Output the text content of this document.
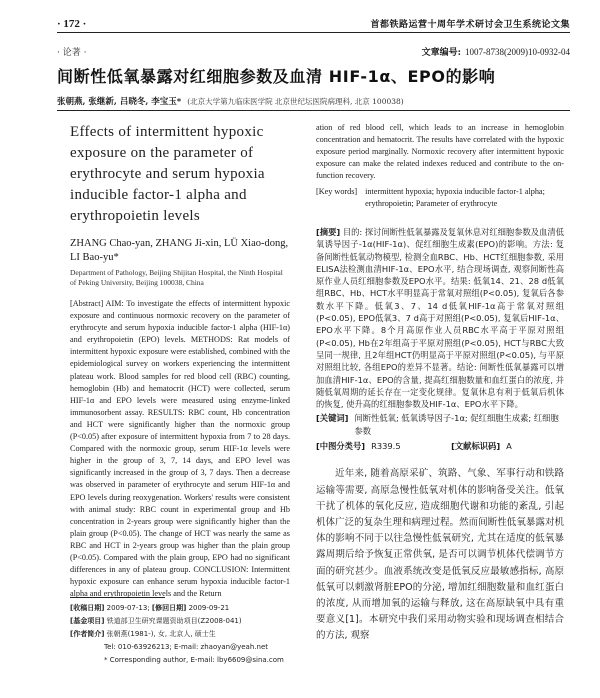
· 172 ·	首都铁路运营十周年学术研讨会卫生系统论文集
· 论著 ·	文章编号: 1007-8738(2009)10-0932-04
间断性低氧暴露对红细胞参数及血清 HIF-1α、EPO的影响
张朝燕, 张继新, 吕晓冬, 李宝玉* (北京大学第九临床医学院 北京世纪坛医院病理科, 北京 100038)
Effects of intermittent hypoxic exposure on the parameter of erythrocyte and serum hypoxia inducible factor-1 alpha and erythropoietin levels
ZHANG Chao-yan, ZHANG Ji-xin, LÜ Xiao-dong, LI Bao-yu*
Department of Pathology, Beijing Shijitan Hospital, the Ninth Hospital of Peking University, Beijing 100038, China
[Abstract] AIM: To investigate the effects of intermittent hypoxic exposure and continuous normoxic recovery on the parameter of erythrocyte and serum hypoxia inducible factor-1 alpha (HIF-1α) and erythropoietin (EPO) levels. METHODS: Rat models of intermittent hypoxic exposure were established, combined with the epidemiological survey on workers experiencing the intermittent plateau work. Blood samples for red blood cell (RBC) counting, hemoglobin (Hb) and hematocrit (HCT) were collected, serum HIF-1α and EPO levels were measured using enzyme-linked immunosorbent assay. RESULTS: RBC count, Hb concentration and HCT were significantly higher than the normoxic group (P<0.05) after exposure of intermittent hypoxia from 7 to 28 days. Compared with the normoxic group, serum HIF-1α levels were higher in the group of 3, 7, 14 days, and EPO level was significantly increased in the group of 3, 7 days. Then a decrease was observed in parameter of erythrocyte and serum HIF-1α and EPO levels during reoxygenation. Workers' results were consistent with animal study: RBC count in experimental group and Hb concentration in 2-years group were significantly higher than the plain group (P<0.05). The change of HCT was nearly the same as RBC and HCT in 2-years group was higher than the plain group (P<0.05). Compared with the plain group, EPO had no significant differences in any of plateau group. CONCLUSION: Intermittent hypoxic exposure can enhance serum hypoxia inducible factor-1 alpha and erythropoietin levels and the Return
ation of red blood cell, which leads to an increase in hemoglobin concentration and hematocrit. The results have correlated with the hypoxic exposure period marginally. Normoxic recovery after intermittent hypoxic exposure can make the related indexes reduced and contribute to the on-function recovery.
[Key words] intermittent hypoxia; hypoxia inducible factor-1 alpha; erythropoietin; Parameter of erythrocyte
[摘要] 目的: 探讨间断性低氧暴露及复氧休息对红细胞参数及血清低氧诱导因子-1α(HIF-1α)、促红细胞生成素(EPO)的影响。方法: 复备间断性低氧动物模型, 检测全血RBC、Hb、HCT红细胞参数, 采用ELISA法检测血清HIF-1α、EPO水平, 结合现场调查, 观察间断性高原作业人员红细胞参数及EPO水平。结果: 低氧14、21、28 d低氧组RBC、Hb、HCT水平明显高于常氧对照组(P<0.05), 复氧后各参数水平下降。低氧3、7、14 d低氧HIF-1α高于常氧对照组(P<0.05), EPO低氧3、7 d高于对照组(P<0.05), 复氧后HIF-1α、EPO水平下降。8个月高原作业人员RBC水平高于平原对照组(P<0.05), Hb在2年组高于平原对照组(P<0.05), HCT与RBC大致呈同一规律, 且2年组HCT仍明显高于平原对照组(P<0.05), 与平原对照组比较, 各组EPO的差异不显著。结论: 间断性低氧暴露可以增加血清HIF-1α、EPO的含量, 提高红细胞数量和血红蛋白的浓度, 并随低氧周期的延长存在一定变化规律。复氧休息有利于低氧后机体的恢复, 使升高的红细胞参数及HIF-1α、EPO水平下降。
[关键词] 间断性低氧; 低氧诱导因子-1α; 促红细胞生成素; 红细胞参数
[中图分类号] R339.5	[文献标识码] A
近年来, 随着高原采矿、筑路、气象、军事行动和铁路运输等需要, 高原急慢性低氧对机体的影响备受关注。低氧干扰了机体的氧化反应, 造成细胞代谢和功能的紊乱, 引起机体广泛的复杂生理和病理过程。然而间断性低氧暴露对机体的影响不同于以往急慢性低氧研究, 尤其在适度的低氧暴露周期后给予恢复正常供氧, 是否可以调节机体代偿调节方面的研究甚少。血液系统改变是低氧反应最敏感指标, 高原低氧可以刺激肾脏EPO的分泌, 增加红细胞数量和血红蛋白的浓度, 从而增加氧的运输与释放, 这在高原缺氧中具有重要意义[1]。本研究中我们采用动物实验和现场调查相结合的方法, 观察
[收稿日期] 2009-07-13; [修回日期] 2009-09-21
[基金项目] 铁道部卫生研究课题资助项目(Z2008-041)
[作者简介] 张朝燕(1981-), 女, 北京人, 硕士生
Tel: 010-63926213; E-mail: zhaoyan@yeah.net
* Corresponding author, E-mail: lby6609@sina.com
